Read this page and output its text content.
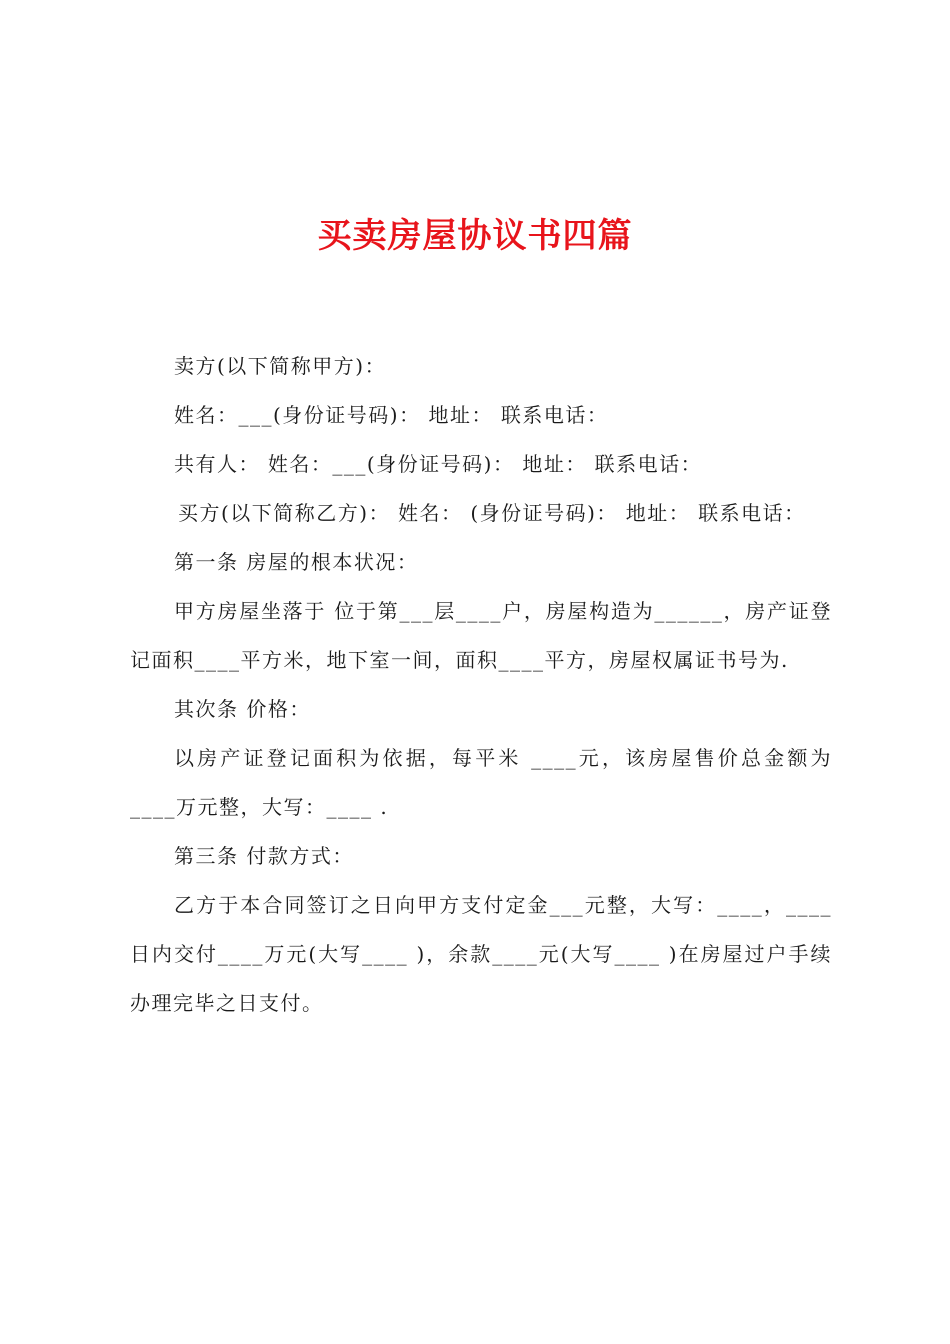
买卖房屋协议书四篇

卖方(以下简称甲方)：

姓名：___(身份证号码)： 地址： 联系电话：

共有人： 姓名：___(身份证号码)： 地址： 联系电话：

买方(以下简称乙方)： 姓名： (身份证号码)： 地址： 联系电话：

第一条 房屋的根本状况：

甲方房屋坐落于 位于第___层____户，房屋构造为______，房产证登记面积____平方米，地下室一间，面积____平方，房屋权属证书号为.

其次条 价格：

以房产证登记面积为依据，每平米 ____元，该房屋售价总金额为 ____万元整，大写：____ .

第三条 付款方式：

乙方于本合同签订之日向甲方支付定金___元整，大写：____，____日内交付____万元(大写____ )，余款____元(大写____ )在房屋过户手续办理完毕之日支付。
